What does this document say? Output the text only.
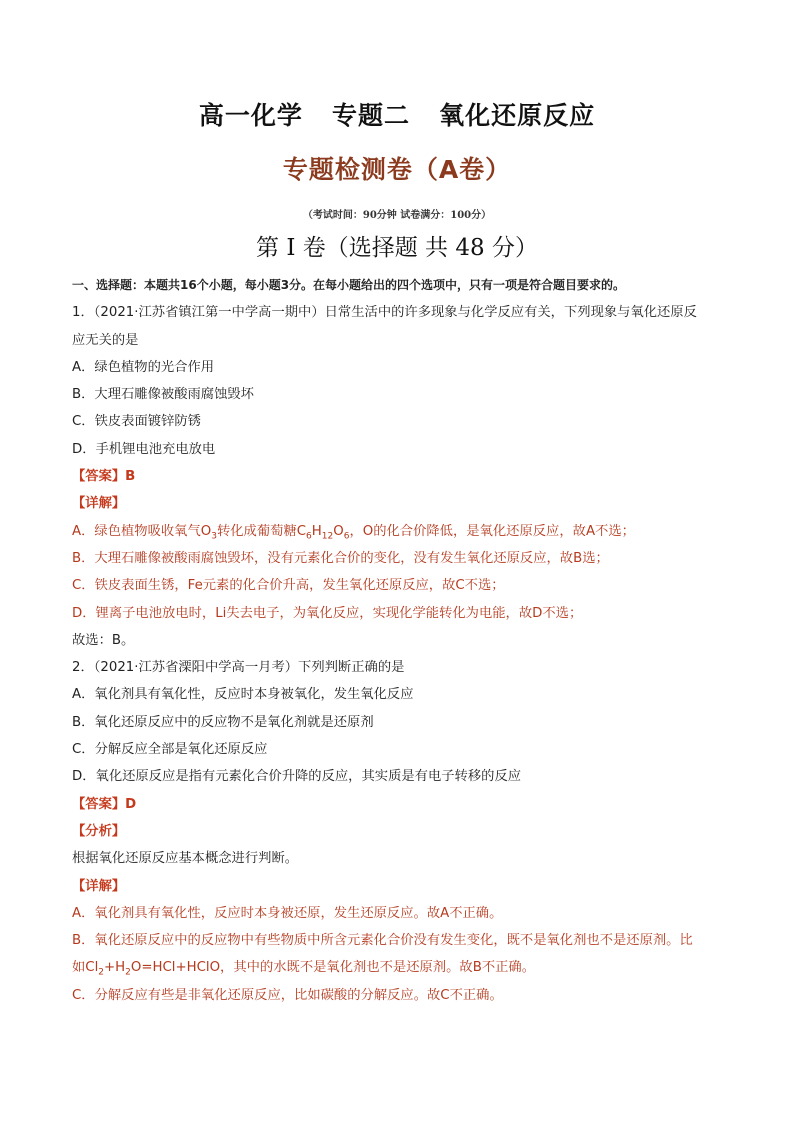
高一化学   专题二   氧化还原反应
专题检测卷（A卷）
（考试时间：90分钟 试卷满分：100分）
第 I 卷（选择题 共 48 分）
一、选择题：本题共16个小题，每小题3分。在每小题给出的四个选项中，只有一项是符合题目要求的。
1．（2021·江苏省镇江第一中学高一期中）日常生活中的许多现象与化学反应有关，下列现象与氧化还原反
应无关的是
A．绿色植物的光合作用
B．大理石雕像被酸雨腐蚀毁坏
C．铁皮表面镀锌防锈
D．手机锂电池充电放电
【答案】B
【详解】
A．绿色植物吸收氧气$O_3$转化成葡萄糖$C_6H_{12}O_6$，O的化合价降低，是氧化还原反应，故A不选；
B．大理石雕像被酸雨腐蚀毁坏，没有元素化合价的变化，没有发生氧化还原反应，故B选；
C．铁皮表面生锈，Fe元素的化合价升高，发生氧化还原反应，故C不选；
D．锂离子电池放电时，Li失去电子，为氧化反应，实现化学能转化为电能，故D不选；
故选：B。
2．（2021·江苏省溧阳中学高一月考）下列判断正确的是
A．氧化剂具有氧化性，反应时本身被氧化，发生氧化反应
B．氧化还原反应中的反应物不是氧化剂就是还原剂
C．分解反应全部是氧化还原反应
D．氧化还原反应是指有元素化合价升降的反应，其实质是有电子转移的反应
【答案】D
【分析】
根据氧化还原反应基本概念进行判断。
【详解】
A．氧化剂具有氧化性，反应时本身被还原，发生还原反应。故A不正确。
B．氧化还原反应中的反应物中有些物质中所含元素化合价没有发生变化，既不是氧化剂也不是还原剂。比
如$Cl_2+H_2O=HCl+HClO$，其中的水既不是氧化剂也不是还原剂。故B不正确。
C．分解反应有些是非氧化还原反应，比如碳酸的分解反应。故C不正确。
